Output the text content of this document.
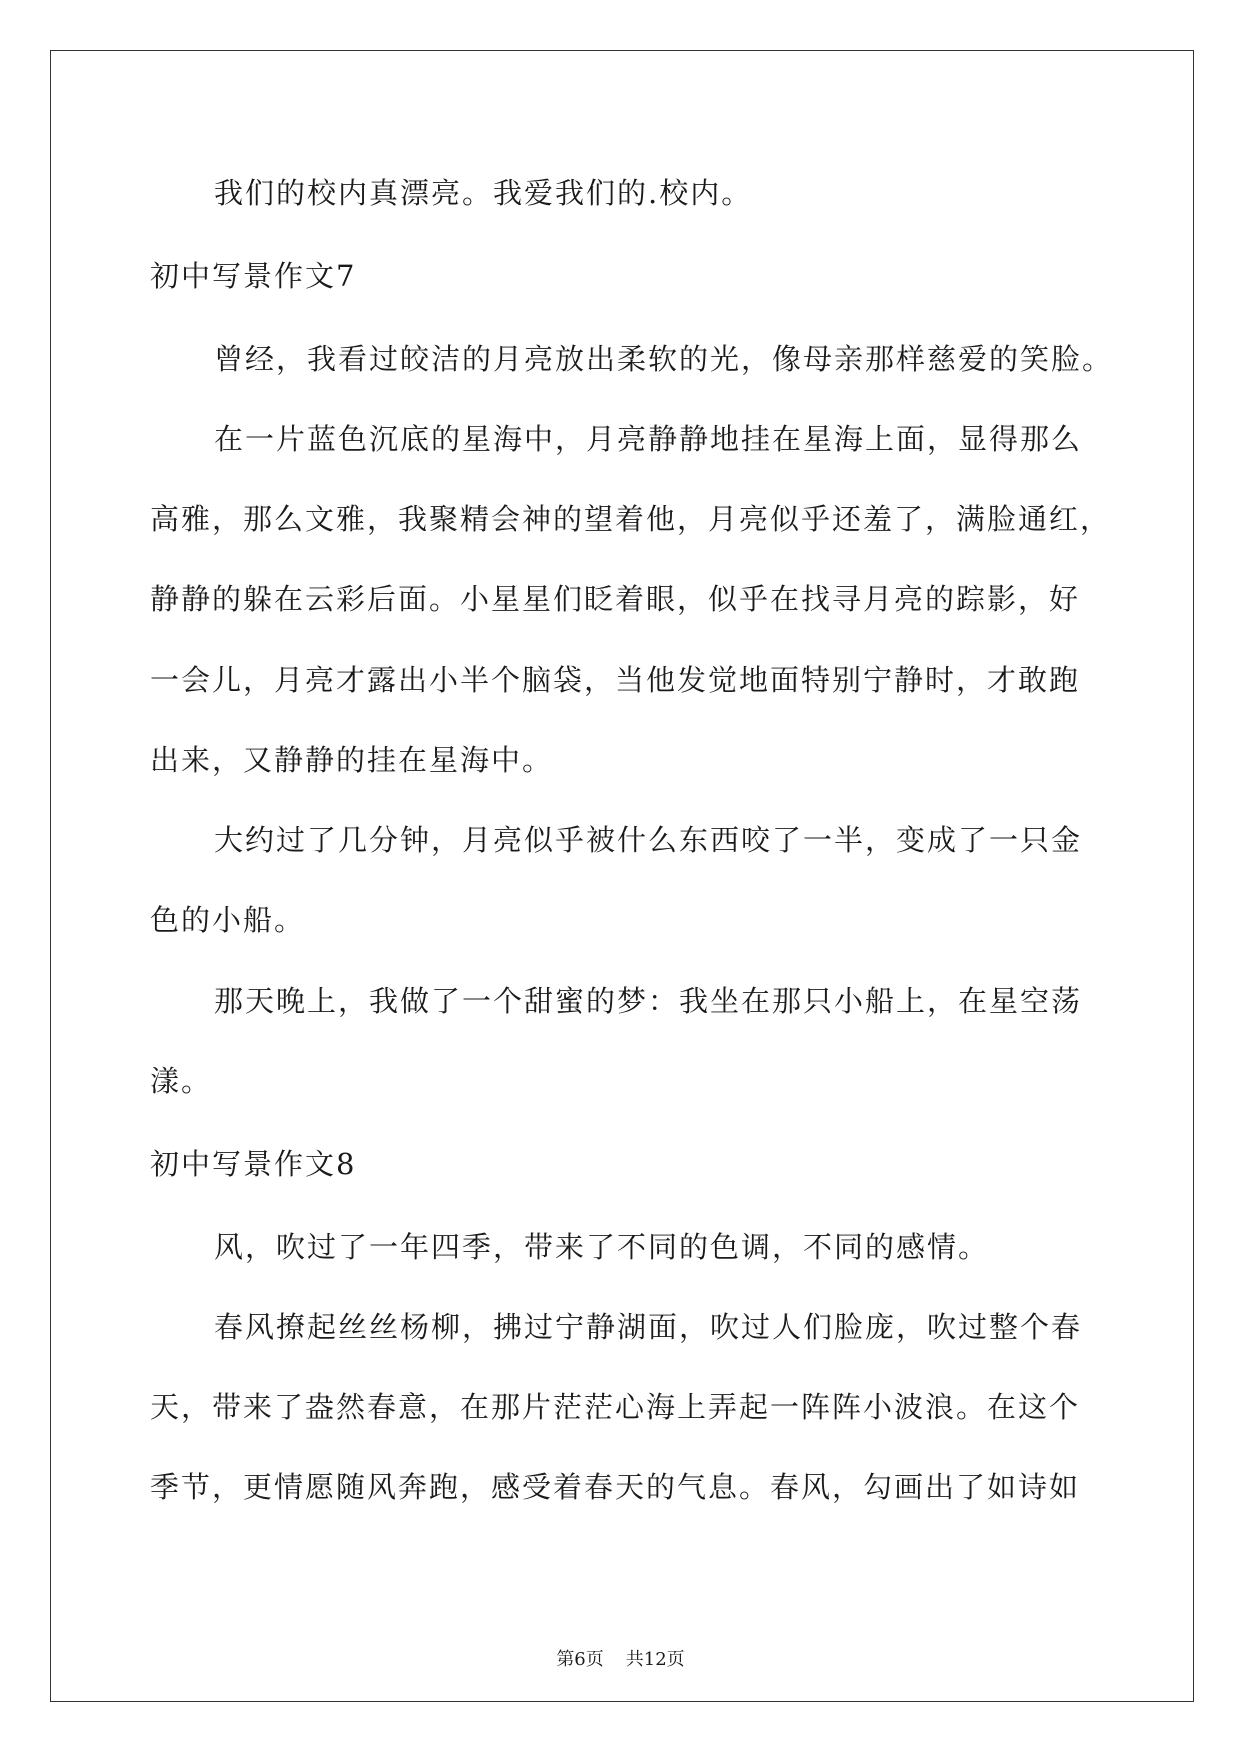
我们的校内真漂亮。我爱我们的.校内。
初中写景作文7
曾经，我看过皎洁的月亮放出柔软的光，像母亲那样慈爱的笑脸。
在一片蓝色沉底的星海中，月亮静静地挂在星海上面，显得那么
高雅，那么文雅，我聚精会神的望着他，月亮似乎还羞了，满脸通红，
静静的躲在云彩后面。小星星们眨着眼，似乎在找寻月亮的踪影，好
一会儿，月亮才露出小半个脑袋，当他发觉地面特别宁静时，才敢跑
出来，又静静的挂在星海中。
大约过了几分钟，月亮似乎被什么东西咬了一半，变成了一只金
色的小船。
那天晚上，我做了一个甜蜜的梦：我坐在那只小船上，在星空荡
漾。
初中写景作文8
风，吹过了一年四季，带来了不同的色调，不同的感情。
春风撩起丝丝杨柳，拂过宁静湖面，吹过人们脸庞，吹过整个春
天，带来了盎然春意，在那片茫茫心海上弄起一阵阵小波浪。在这个
季节，更情愿随风奔跑，感受着春天的气息。春风，勾画出了如诗如
第6页 共12页
